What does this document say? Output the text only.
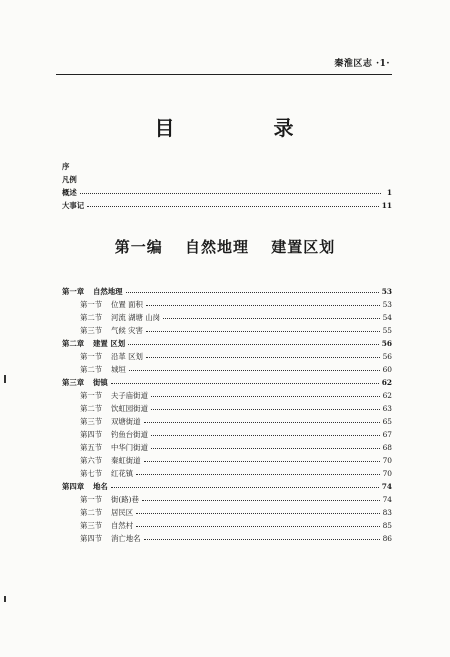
秦淮区志 ·1·
目 录
序
凡例
概述	1
大事记	11
第一编 自然地理 建置区划
第一章 自然地理	53
第一节 位置 面积	53
第二节 河流 湖塘 山岗	54
第三节 气候 灾害	55
第二章 建置 区划	56
第一节 沿革 区划	56
第二节 城垣	60
第三章 街镇	62
第一节 夫子庙街道	62
第二节 饮虹园街道	63
第三节 双塘街道	65
第四节 钓鱼台街道	67
第五节 中华门街道	68
第六节 秦虹街道	70
第七节 红花镇	70
第四章 地名	74
第一节 街(路)巷	74
第二节 居民区	83
第三节 自然村	85
第四节 消亡地名	86
